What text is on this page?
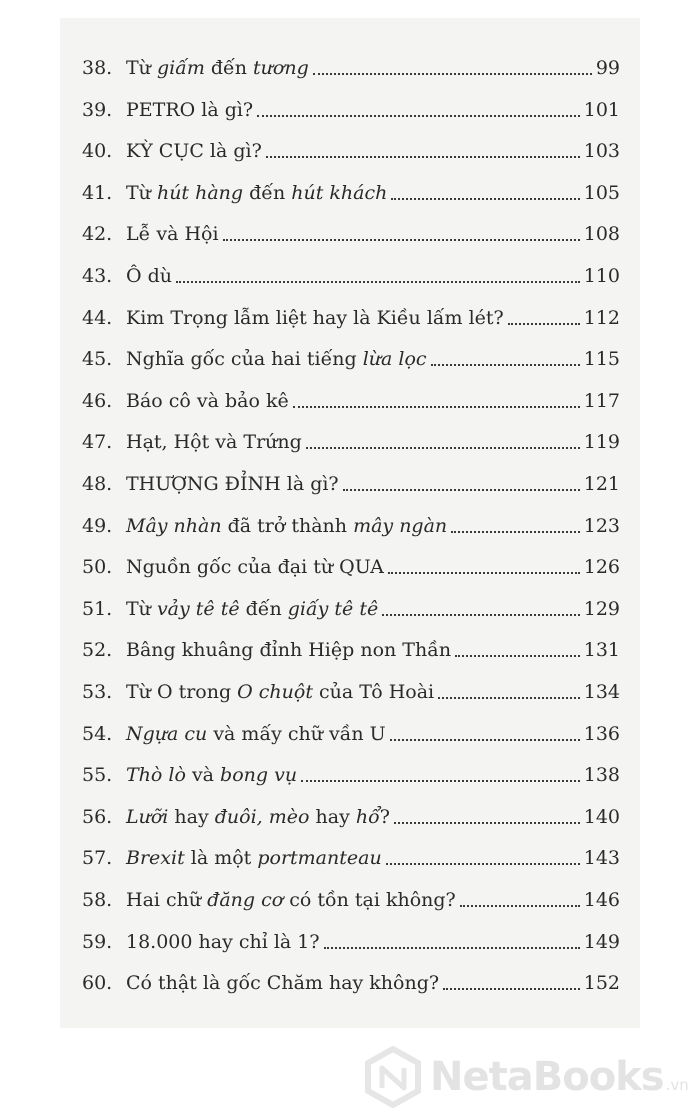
38. Từ giấm đến tương	99
39. PETRO là gì?	101
40. KỲ CỤC là gì?	103
41. Từ hút hàng đến hút khách	105
42. Lễ và Hội	108
43. Ô dù	110
44. Kim Trọng lẫm liệt hay là Kiều lấm lét?	112
45. Nghĩa gốc của hai tiếng lừa lọc	115
46. Báo cô và bảo kê	117
47. Hạt, Hột và Trứng	119
48. THƯỢNG ĐỈNH là gì?	121
49. Mây nhàn đã trở thành mây ngàn	123
50. Nguồn gốc của đại từ QUA	126
51. Từ vảy tê tê đến giấy tê tê	129
52. Bâng khuâng đỉnh Hiệp non Thần	131
53. Từ O trong O chuột của Tô Hoài	134
54. Ngựa cu và mấy chữ vần U	136
55. Thò lò và bong vụ	138
56. Lưỡi hay đuôi, mèo hay hổ?	140
57. Brexit là một portmanteau	143
58. Hai chữ đăng cơ có tồn tại không?	146
59. 18.000 hay chỉ là 1?	149
60. Có thật là gốc Chăm hay không?	152
NetaBooks .vn
